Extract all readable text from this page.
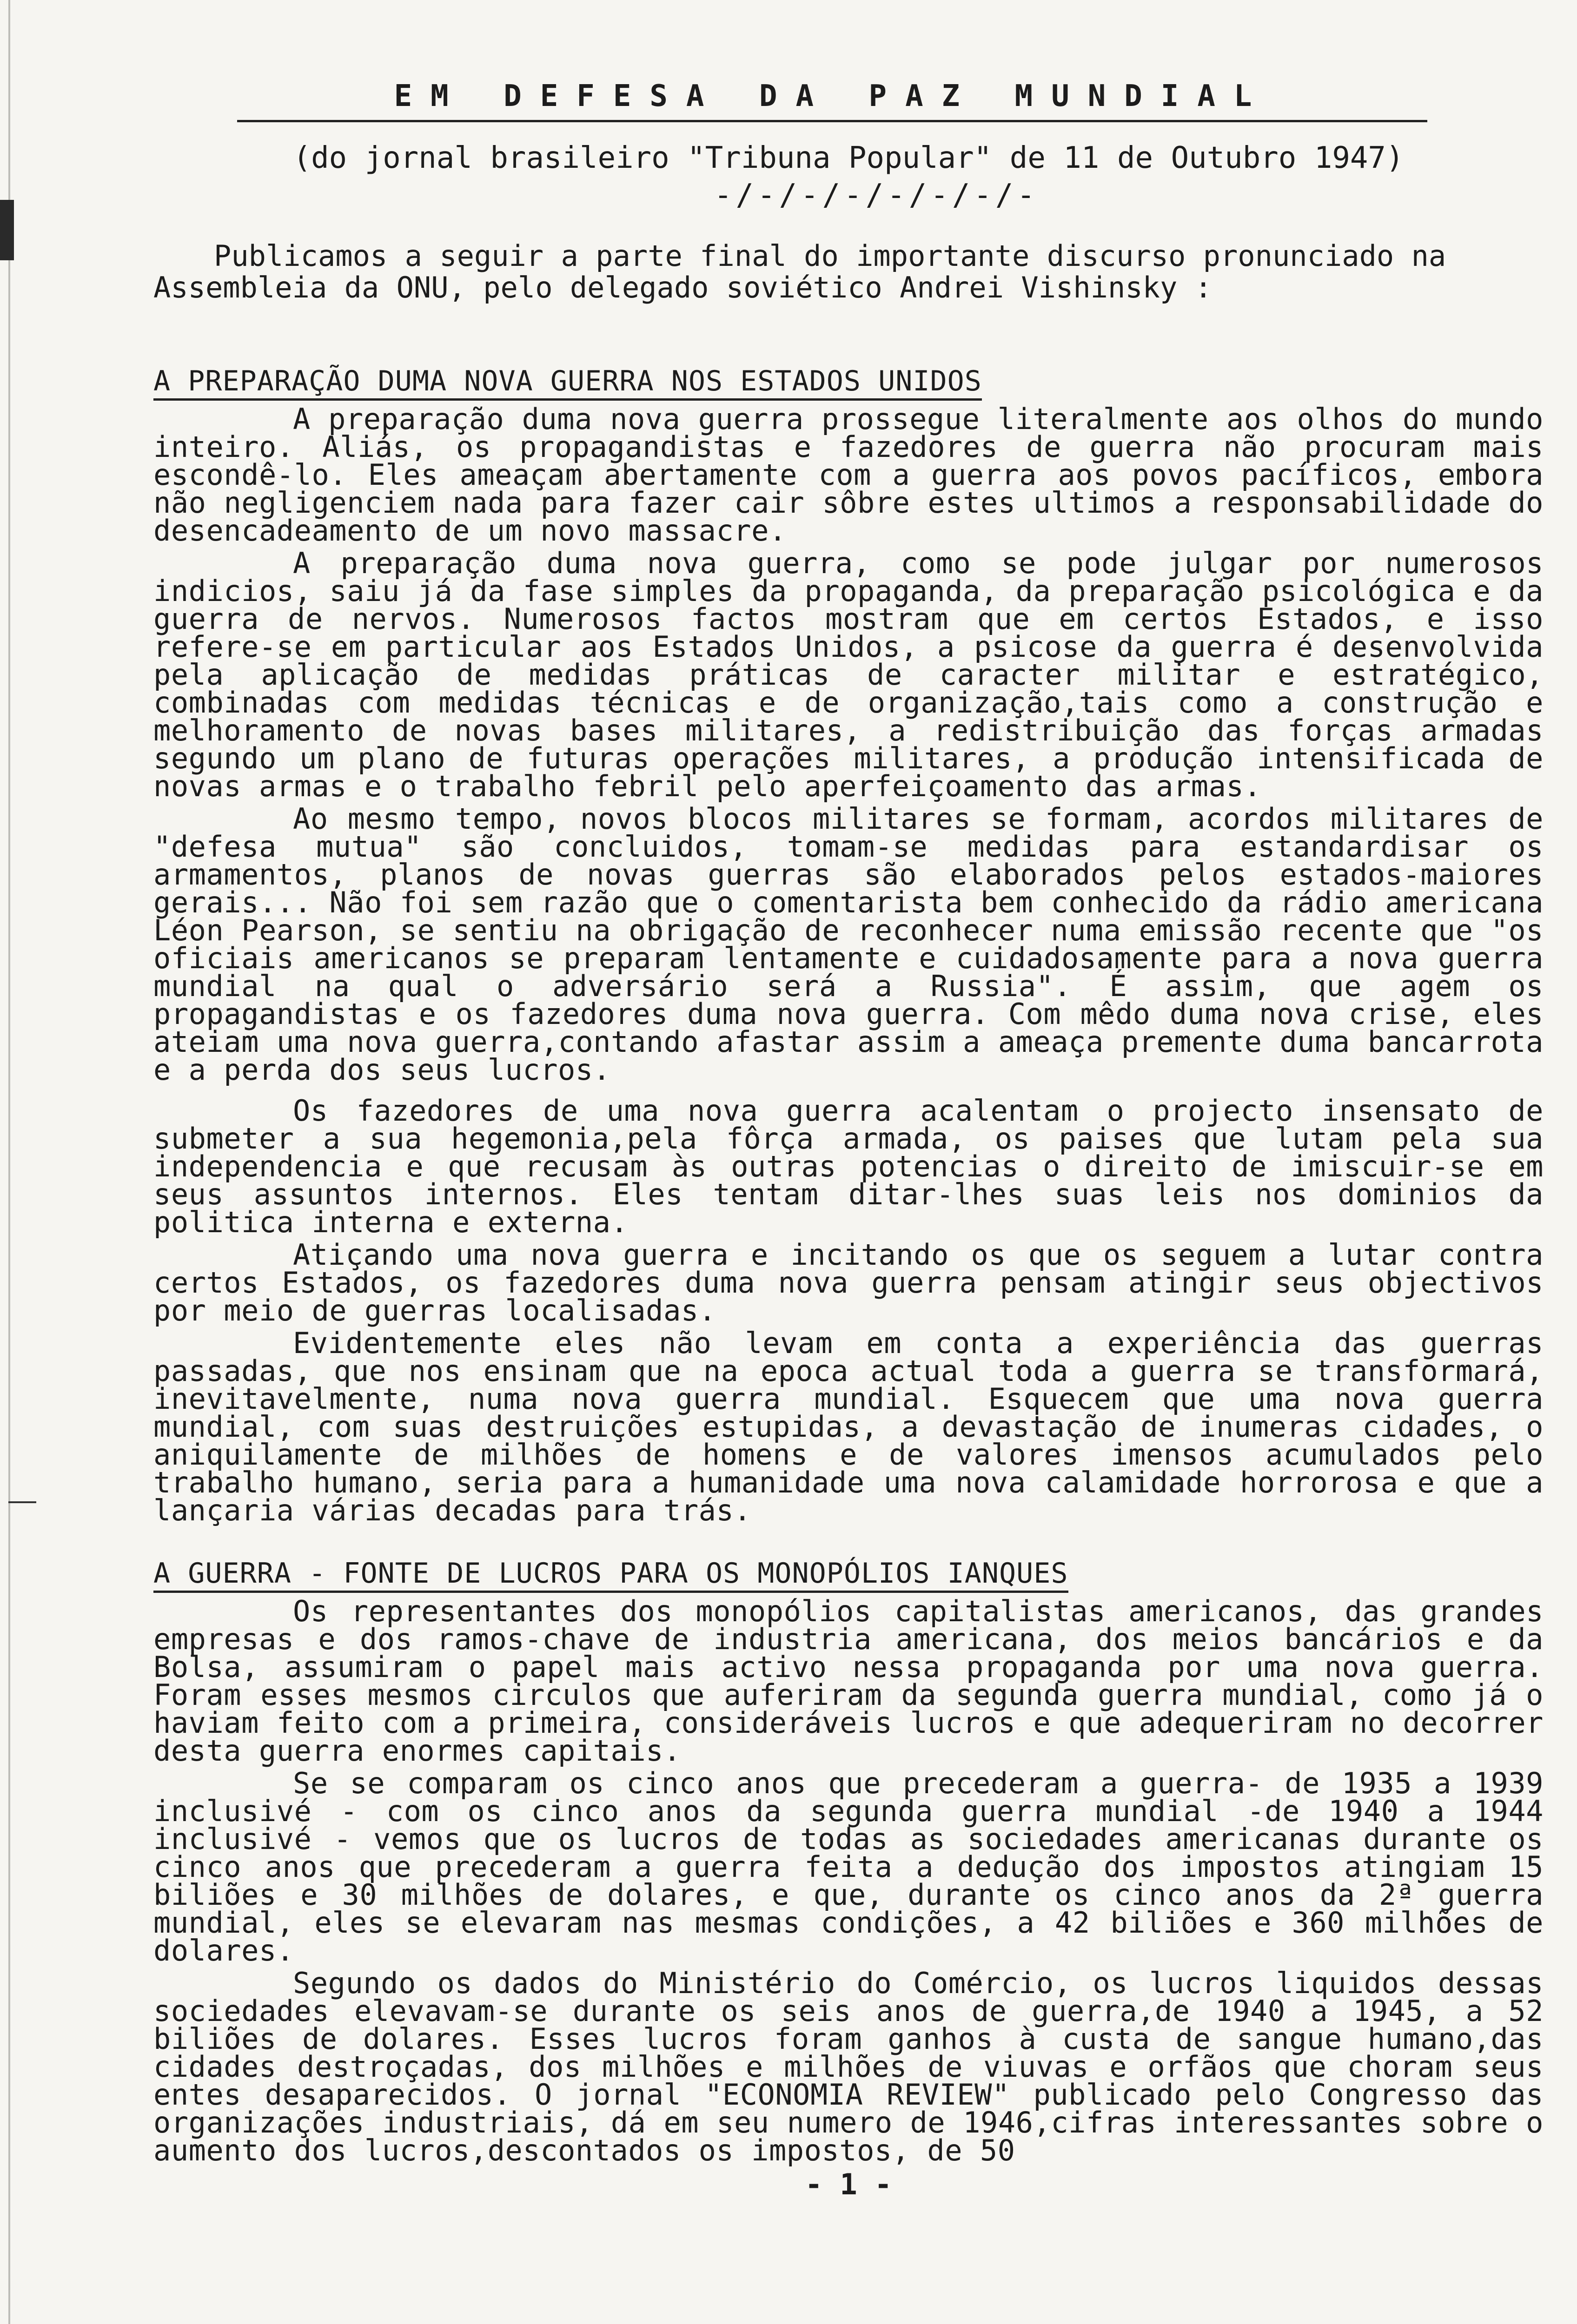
EM DEFESA DA PAZ MUNDIAL
(do jornal brasileiro "Tribuna Popular" de 11 de Outubro 1947)
-/-/-/-/-/-/-/-

Publicamos a seguir a parte final do importante discurso pronunciado na Assembleia da ONU, pelo delegado soviético Andrei Vishinsky :

A PREPARAÇÃO DUMA NOVA GUERRA NOS ESTADOS UNIDOS

A preparação duma nova guerra prossegue literalmente aos olhos do mundo inteiro. Aliás, os propagandistas e fazedores de guerra não procuram mais escondê-lo. Eles ameaçam abertamente com a guerra aos povos pacíficos, embora não negligenciem nada para fazer cair sôbre estes ultimos a responsabilidade do desencadeamento de um novo massacre.

A preparação duma nova guerra, como se pode julgar por numerosos indicios, saiu já da fase simples da propaganda, da preparação psicológica e da guerra de nervos. Numerosos factos mostram que em certos Estados, e isso refere-se em particular aos Estados Unidos, a psicose da guerra é desenvolvida pela aplicação de medidas práticas de caracter militar e estratégico, combinadas com medidas técnicas e de organização,tais como a construção e melhoramento de novas bases militares, a redistribuição das forças armadas segundo um plano de futuras operações militares, a produção intensificada de novas armas e o trabalho febril pelo aperfeiçoamento das armas.

Ao mesmo tempo, novos blocos militares se formam, acordos militares de "defesa mutua" são concluidos, tomam-se medidas para estandardisar os armamentos, planos de novas guerras são elaborados pelos estados-maiores gerais... Não foi sem razão que o comentarista bem conhecido da rádio americana Léon Pearson, se sentiu na obrigação de reconhecer numa emissão recente que "os oficiais americanos se preparam lentamente e cuidadosamente para a nova guerra mundial na qual o adversário será a Russia". É assim, que agem os propagandistas e os fazedores duma nova guerra. Com mêdo duma nova crise, eles ateiam uma nova guerra,contando afastar assim a ameaça premente duma bancarrota e a perda dos seus lucros.

Os fazedores de uma nova guerra acalentam o projecto insensato de submeter a sua hegemonia,pela fôrça armada, os paises que lutam pela sua independencia e que recusam às outras potencias o direito de imiscuir-se em seus assuntos internos. Eles tentam ditar-lhes suas leis nos dominios da politica interna e externa.

Atiçando uma nova guerra e incitando os que os seguem a lutar contra certos Estados, os fazedores duma nova guerra pensam atingir seus objectivos por meio de guerras localisadas.

Evidentemente eles não levam em conta a experiência das guerras passadas, que nos ensinam que na epoca actual toda a guerra se transformará, inevitavelmente, numa nova guerra mundial. Esquecem que uma nova guerra mundial, com suas destruições estupidas, a devastação de inumeras cidades, o aniquilamente de milhões de homens e de valores imensos acumulados pelo trabalho humano, seria para a humanidade uma nova calamidade horrorosa e que a lançaria várias decadas para trás.

A GUERRA - FONTE DE LUCROS PARA OS MONOPÓLIOS IANQUES

Os representantes dos monopólios capitalistas americanos, das grandes empresas e dos ramos-chave de industria americana, dos meios bancários e da Bolsa, assumiram o papel mais activo nessa propaganda por uma nova guerra. Foram esses mesmos circulos que auferiram da segunda guerra mundial, como já o haviam feito com a primeira, consideráveis lucros e que adequeriram no decorrer desta guerra enormes capitais.

Se se comparam os cinco anos que precederam a guerra- de 1935 a 1939 inclusivé - com os cinco anos da segunda guerra mundial -de 1940 a 1944 inclusivé - vemos que os lucros de todas as sociedades americanas durante os cinco anos que precederam a guerra feita a dedução dos impostos atingiam 15 biliões e 30 milhões de dolares, e que, durante os cinco anos da 2ª guerra mundial, eles se elevaram nas mesmas condições, a 42 biliões e 360 milhões de dolares.

Segundo os dados do Ministério do Comércio, os lucros liquidos dessas sociedades elevavam-se durante os seis anos de guerra,de 1940 a 1945, a 52 biliões de dolares. Esses lucros foram ganhos à custa de sangue humano,das cidades destroçadas, dos milhões e milhões de viuvas e orfãos que choram seus entes desaparecidos. O jornal "ECONOMIA REVIEW" publicado pelo Congresso das organizações industriais, dá em seu numero de 1946,cifras interessantes sobre o aumento dos lucros,descontados os impostos, de 50

- 1 -
